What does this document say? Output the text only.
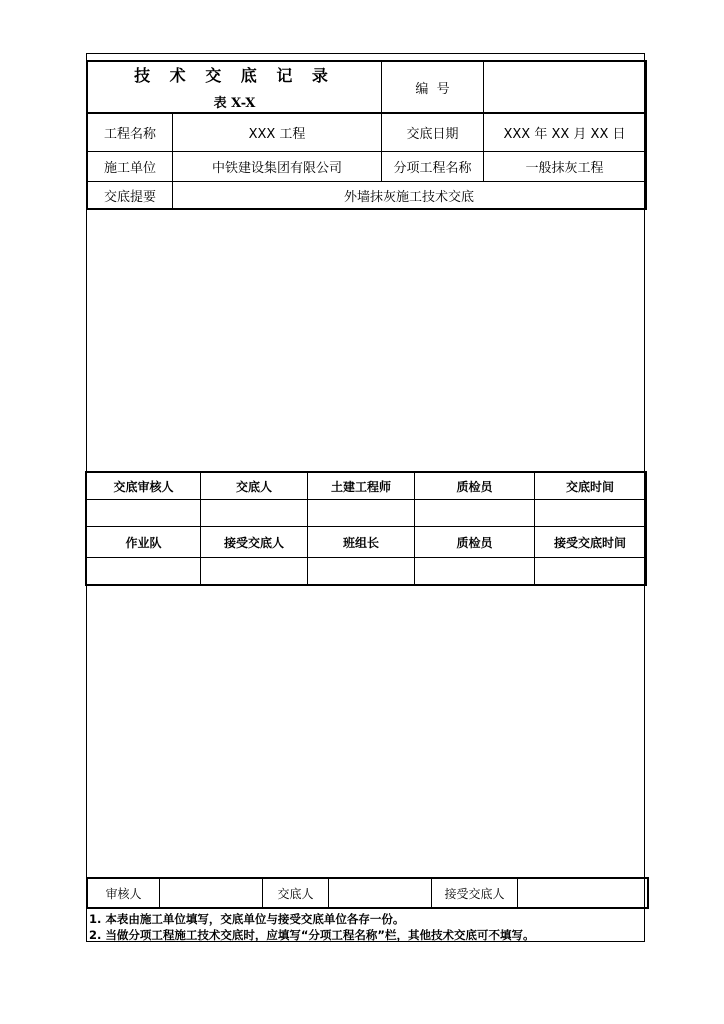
技 术 交 底 记 录
表 X-X
编  号
工程名称	XXX 工程	交底日期	XXX 年 XX 月 XX 日
施工单位	中铁建设集团有限公司	分项工程名称	一般抹灰工程
交底提要	外墙抹灰施工技术交底
交底审核人	交底人	土建工程师	质检员	交底时间
作业队	接受交底人	班组长	质检员	接受交底时间
审核人	交底人	接受交底人
1. 本表由施工单位填写，交底单位与接受交底单位各存一份。
2. 当做分项工程施工技术交底时，应填写“分项工程名称”栏，其他技术交底可不填写。
